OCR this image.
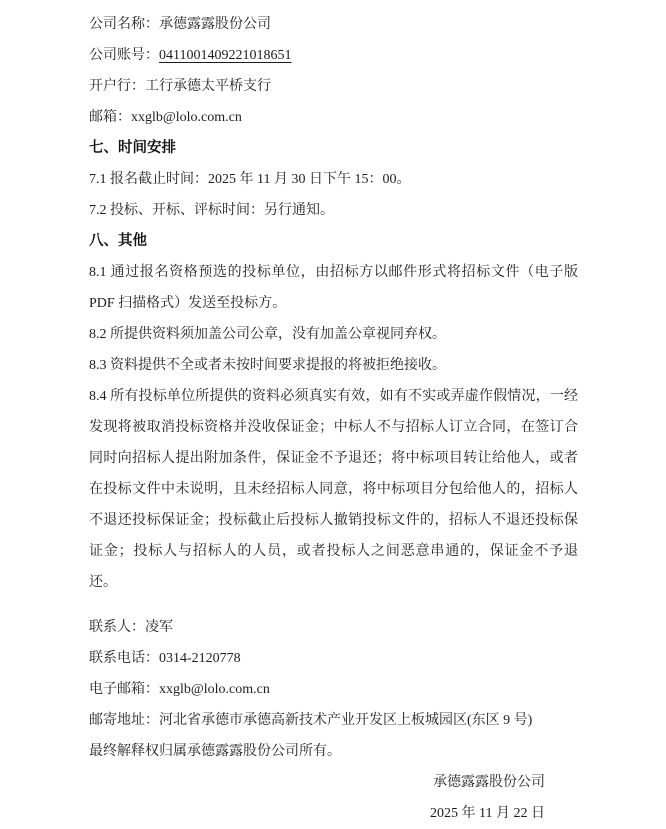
公司名称：承德露露股份公司

公司账号：0411001409221018651

开户行：工行承德太平桥支行

邮箱：xxglb@lolo.com.cn

七、时间安排

7.1 报名截止时间：2025 年 11 月 30 日下午 15：00。

7.2 投标、开标、评标时间：另行通知。

八、其他

8.1 通过报名资格预选的投标单位，由招标方以邮件形式将招标文件（电子版 PDF 扫描格式）发送至投标方。

8.2 所提供资料须加盖公司公章，没有加盖公章视同弃权。

8.3 资料提供不全或者未按时间要求提报的将被拒绝接收。

8.4 所有投标单位所提供的资料必须真实有效，如有不实或弄虚作假情况，一经发现将被取消投标资格并没收保证金；中标人不与招标人订立合同，在签订合同时向招标人提出附加条件，保证金不予退还；将中标项目转让给他人，或者在投标文件中未说明，且未经招标人同意，将中标项目分包给他人的，招标人不退还投标保证金；投标截止后投标人撤销投标文件的，招标人不退还投标保证金；投标人与招标人的人员，或者投标人之间恶意串通的，保证金不予退还。

联系人：凌军

联系电话：0314-2120778

电子邮箱：xxglb@lolo.com.cn

邮寄地址：河北省承德市承德高新技术产业开发区上板城园区(东区 9 号)

最终解释权归属承德露露股份公司所有。

承德露露股份公司

2025 年 11 月 22 日
